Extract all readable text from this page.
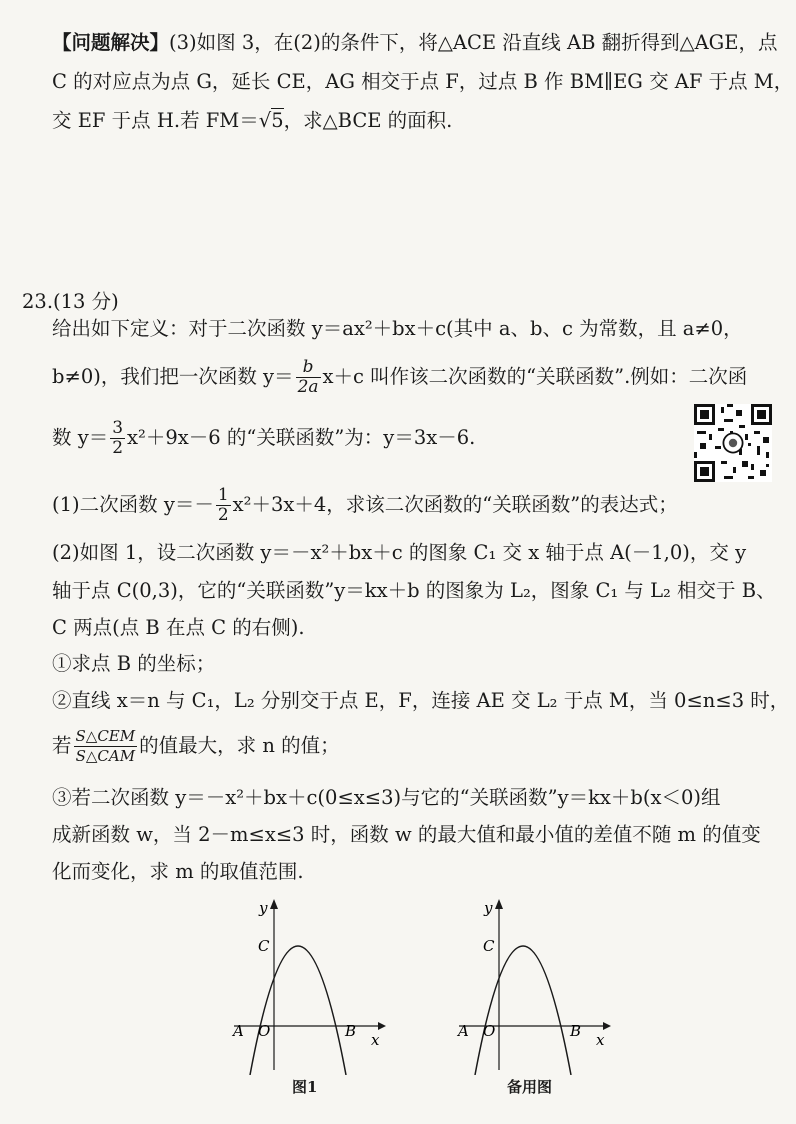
【问题解决】(3)如图 3，在(2)的条件下，将△ACE 沿直线 AB 翻折得到△AGE，点
C 的对应点为点 G，延长 CE，AG 相交于点 F，过点 B 作 BM∥EG 交 AF 于点 M，
交 EF 于点 H.若 FM＝√5，求△BCE 的面积.
23.(13 分)
给出如下定义：对于二次函数 y＝ax²＋bx＋c(其中 a、b、c 为常数，且 a≠0，
b≠0)，我们把一次函数 $y= \frac{b}{2a} x+c$ 叫作该二次函数的“关联函数”.例如：二次函
数 $y= \frac{3}{2} x^2+9x-6$ 的“关联函数”为：y＝3x－6.
(1)二次函数 $y=- \frac{1}{2} x^2+3x+4$，求该二次函数的“关联函数”的表达式；
(2)如图 1，设二次函数 y＝－x²＋bx＋c 的图象 C₁ 交 x 轴于点 A(－1,0)，交 y
轴于点 C(0,3)，它的“关联函数”y＝kx＋b 的图象为 L₂，图象 C₁ 与 L₂ 相交于 B、
C 两点(点 B 在点 C 的右侧).
①求点 B 的坐标；
②直线 x＝n 与 C₁，L₂ 分别交于点 E，F，连接 AE 交 L₂ 于点 M，当 0≤n≤3 时，
若 $\frac{\text{S△CEM}}{\text{S△CAM}}$ 的值最大，求 n 的值；
③若二次函数 y＝－x²＋bx＋c(0≤x≤3)与它的“关联函数”y＝kx＋b(x＜0)组
成新函数 w，当 2－m≤x≤3 时，函数 w 的最大值和最小值的差值不随 m 的值变
化而变化，求 m 的取值范围.
y
x
C
A O	B
图1
y
x
C
A O	B
备用图
